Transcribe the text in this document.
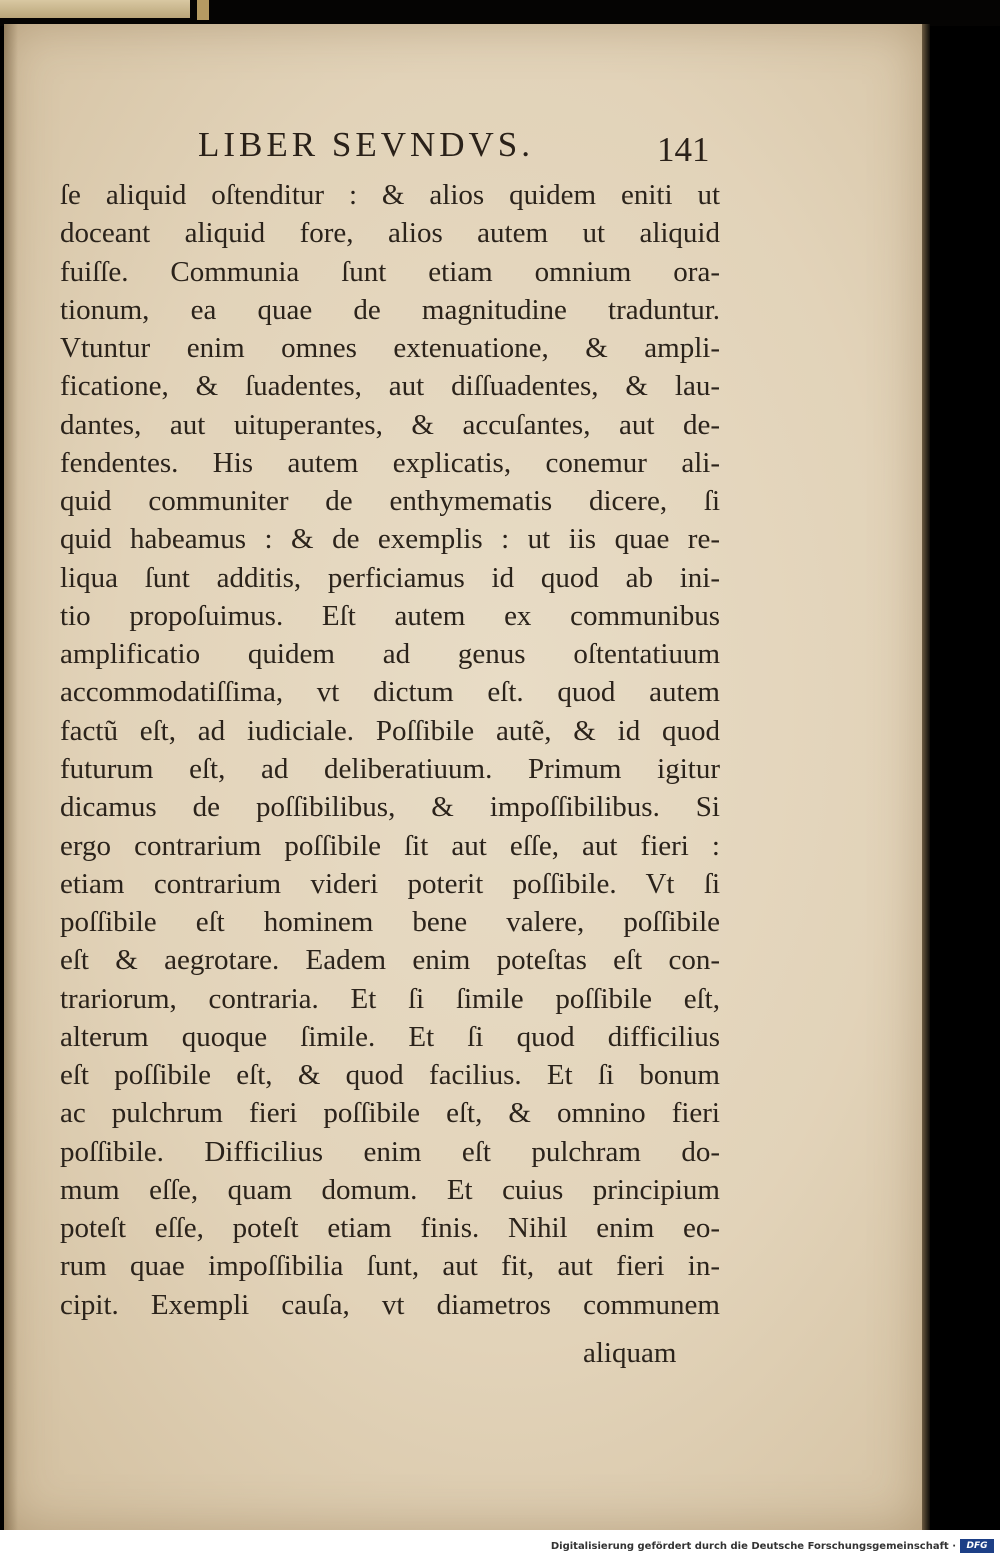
LIBER SEVNDVS.	141
ſe aliquid oſtenditur : & alios quidem eniti ut
doceant aliquid fore, alios autem ut aliquid
fuiſſe. Communia ſunt etiam omnium ora-
tionum, ea quae de magnitudine traduntur.
Vtuntur enim omnes extenuatione, & ampli-
ficatione, & ſuadentes, aut diſſuadentes, & lau-
dantes, aut uituperantes, & accuſantes, aut de-
fendentes. His autem explicatis, conemur ali-
quid communiter de enthymematis dicere, ſi
quid habeamus : & de exemplis : ut iis quae re-
liqua ſunt additis, perficiamus id quod ab ini-
tio propoſuimus. Eſt autem ex communibus
amplificatio quidem ad genus oſtentatiuum
accommodatiſſima, vt dictum eſt. quod autem
factũ eſt, ad iudiciale. Poſſibile autẽ, & id quod
futurum eſt, ad deliberatiuum. Primum igitur
dicamus de poſſibilibus, & impoſſibilibus. Si
ergo contrarium poſſibile ſit aut eſſe, aut fieri :
etiam contrarium videri poterit poſſibile. Vt ſi
poſſibile eſt hominem bene valere, poſſibile
eſt & aegrotare. Eadem enim poteſtas eſt con-
trariorum, contraria. Et ſi ſimile poſſibile eſt,
alterum quoque ſimile. Et ſi quod difficilius
eſt poſſibile eſt, & quod facilius. Et ſi bonum
ac pulchrum fieri poſſibile eſt, & omnino fieri
poſſibile. Difficilius enim eſt pulchram do-
mum eſſe, quam domum. Et cuius principium
poteſt eſſe, poteſt etiam finis. Nihil enim eo-
rum quae impoſſibilia ſunt, aut fit, aut fieri in-
cipit. Exempli cauſa, vt diametros communem
aliquam
Digitalisierung gefördert durch die Deutsche Forschungsgemeinschaft ·	DFG
